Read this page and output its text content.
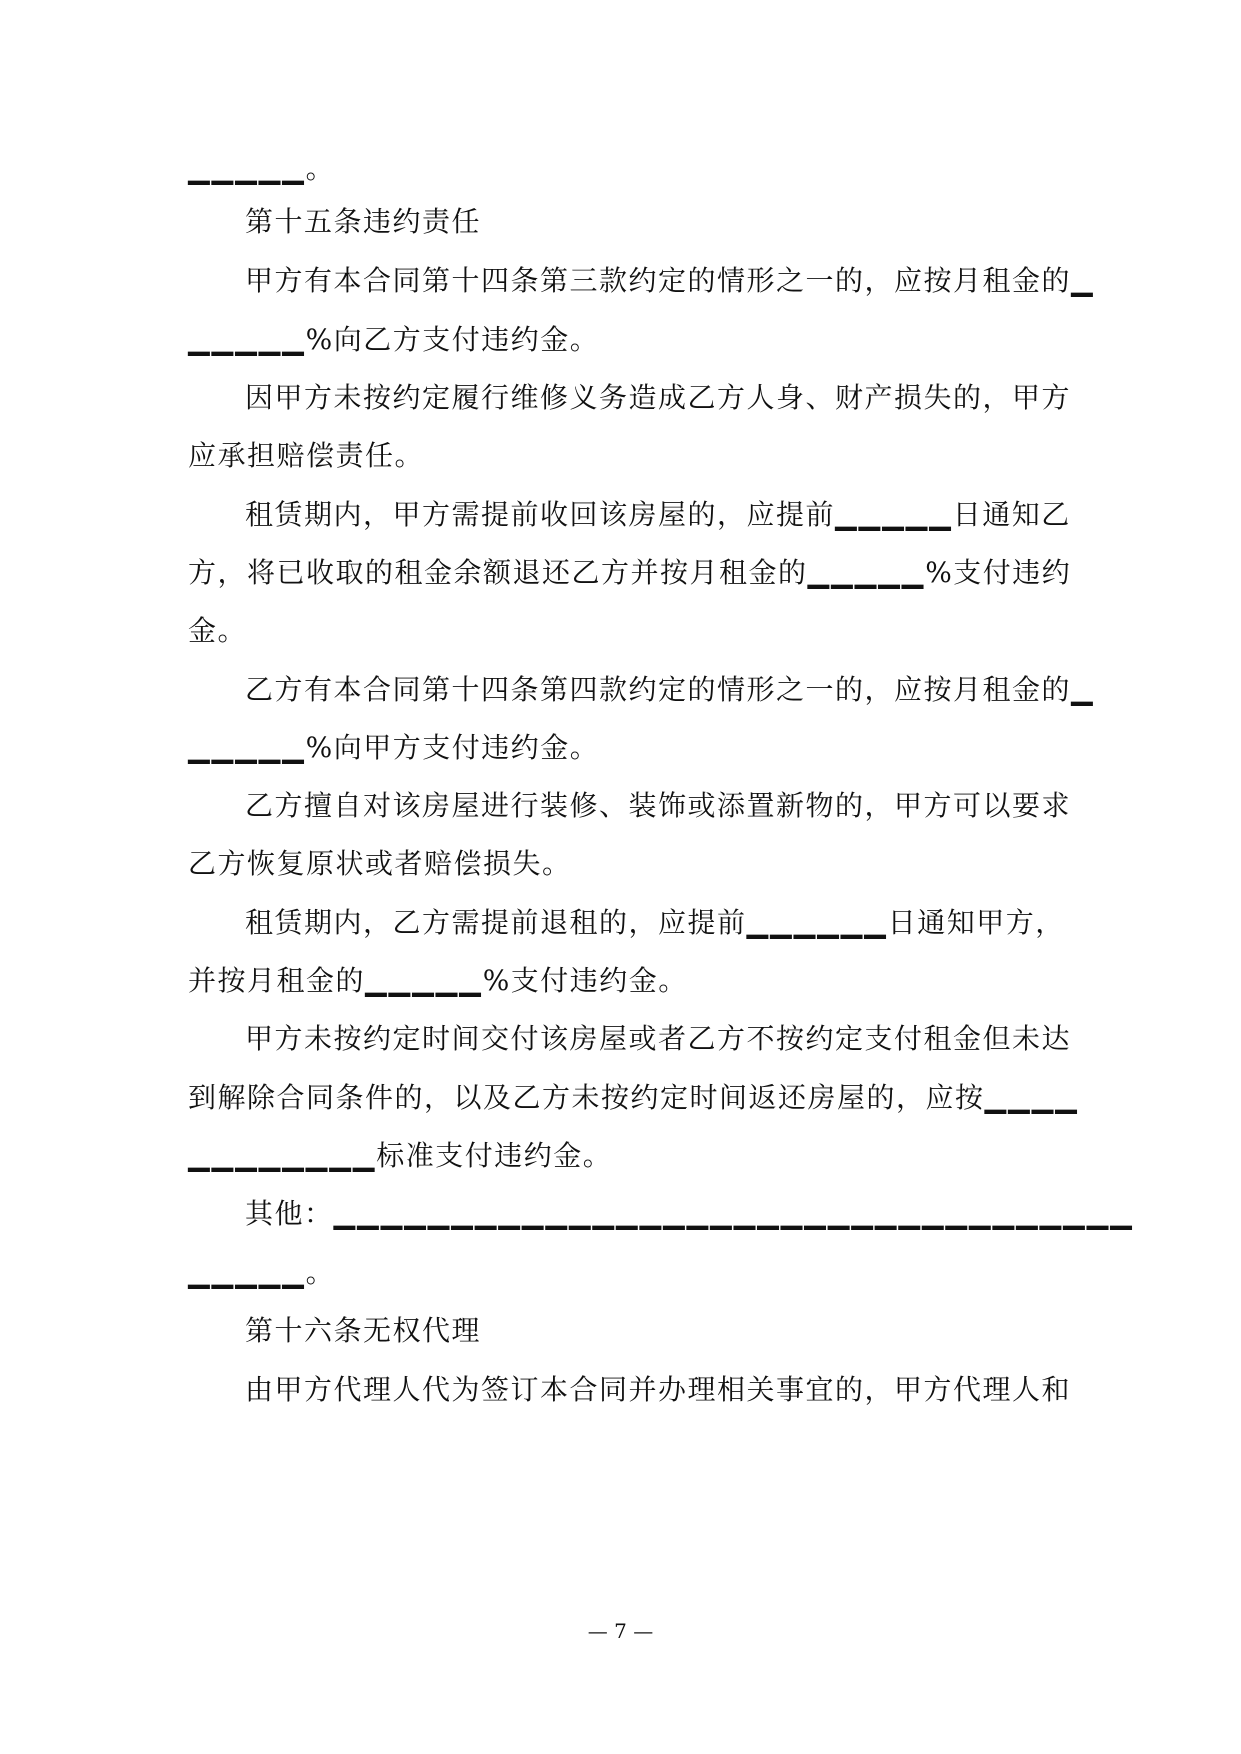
▁▁▁▁▁。
第十五条违约责任
甲方有本合同第十四条第三款约定的情形之一的，应按月租金的▁
▁▁▁▁▁%向乙方支付违约金。
因甲方未按约定履行维修义务造成乙方人身、财产损失的，甲方
应承担赔偿责任。
租赁期内，甲方需提前收回该房屋的，应提前▁▁▁▁▁日通知乙
方，将已收取的租金余额退还乙方并按月租金的▁▁▁▁▁%支付违约
金。
乙方有本合同第十四条第四款约定的情形之一的，应按月租金的▁
▁▁▁▁▁%向甲方支付违约金。
乙方擅自对该房屋进行装修、装饰或添置新物的，甲方可以要求
乙方恢复原状或者赔偿损失。
租赁期内，乙方需提前退租的，应提前▁▁▁▁▁▁日通知甲方，
并按月租金的▁▁▁▁▁%支付违约金。
甲方未按约定时间交付该房屋或者乙方不按约定支付租金但未达
到解除合同条件的，以及乙方未按约定时间返还房屋的，应按▁▁▁▁
▁▁▁▁▁▁▁▁标准支付违约金。
其他：▁▁▁▁▁▁▁▁▁▁▁▁▁▁▁▁▁▁▁▁▁▁▁▁▁▁▁▁▁▁▁▁▁▁
▁▁▁▁▁。
第十六条无权代理
由甲方代理人代为签订本合同并办理相关事宜的，甲方代理人和
— 7 —
